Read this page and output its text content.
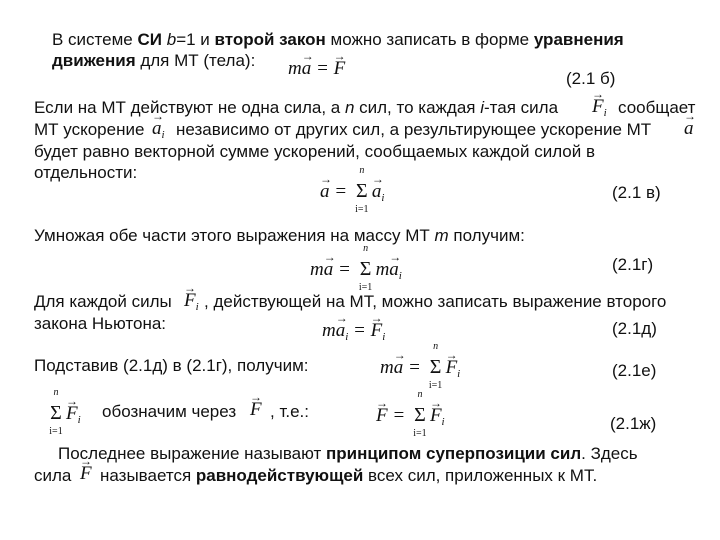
В системе СИ b=1 и второй закон можно записать в форме уравнения
движения для МТ (тела): m→ a = → F	(2.1 б)
Если на МТ действуют не одна сила, а n сил, то каждая i-тая сила → $F_i$ сообщает
МТ ускорение → $a_i$ независимо от других сил, а результирующее ускорение МТ → a
будет равно векторной сумме ускорений, сообщаемых каждой силой в
отдельности:
→ a = Σ
n
i=1
→ $a_i$	(2.1 в)
Умножая обе части этого выражения на массу МТ m получим:
m→ a = Σ
n
i=1
$m\to a_i$
(2.1г)
Для каждой силы → $F_i$ , действующей на МТ, можно записать выражение второго
закона Ньютона:	$m\to a_i$ = → $F_i$	(2.1д)
Подставив (2.1д) в (2.1г), получим:	m→ a = Σ
n
i=1
→ $F_i$	(2.1е)
Σ
n
i=1
→ $F_i$ обозначим через → F , т.е.:	→ F = Σ
n
i=1
→ $F_i$	(2.1ж)
Последнее выражение называют принципом суперпозиции сил. Здесь
сила → F называется равнодействующей всех сил, приложенных к МТ.
